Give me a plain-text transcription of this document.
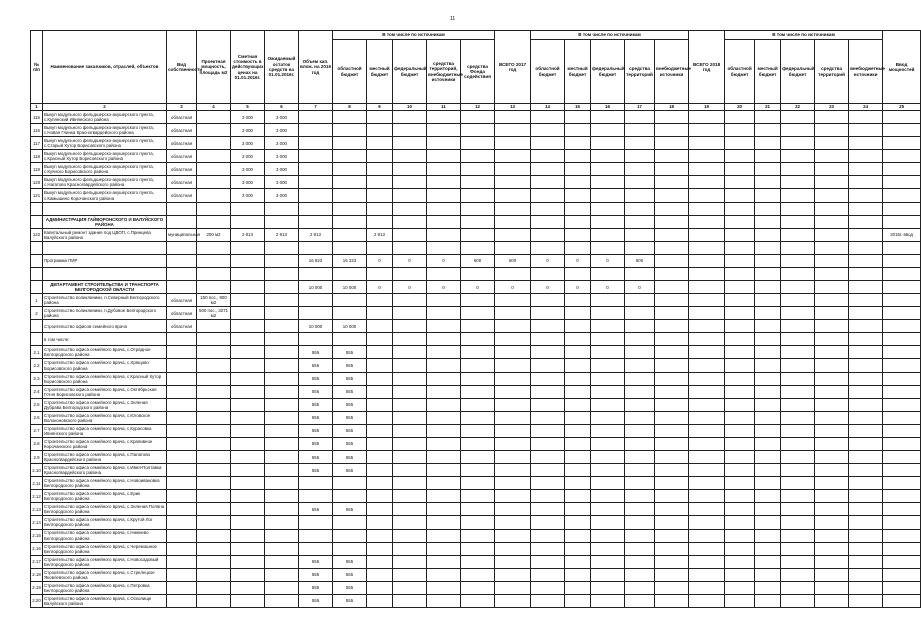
11
№ п/п	Наименование заказчиков, отраслей, объектов	Вид собственности	Проектная мощность, площадь м2	Сметная стоимость в действующих ценах на 01.01.2016г.	Ожидаемый остаток средств на 01.01.2016г.	Объем кап. влож. на 2016 год	В том числе по источникам					ВСЕГО 2017 год	В том числе по источникам					ВСЕГО 2018 год	В том числе по источникам					Ввод мощностей
							областной бюджет	местный бюджет	федеральный бюджет	средства территорий, внебюджетные источники	средства Фонда содействия		областной бюджет	местный бюджет	федеральный бюджет	средства территорий	внебюджетные источники		областной бюджет	местный бюджет	федеральный бюджет	средства территорий	внебюджетные источники	
1	2	3	4	5	6	7	8	9	10	11	12	13	14	15	16	17	18	19	20	21	22	23	24	25
115	Выкуп модульного фельдшерско-акушерского пункта, с.Купянский Ивнянского района	областная		3 000	3 000																			
116	Выкуп модульного фельдшерско-акушерского пункта, с.Новая Глинка Красногвардейского района	областная		3 000	3 000																			
117	Выкуп модульного фельдшерско-акушерского пункта, с.Старый Хутор Борисовского района	областная		3 000	3 000																			
118	Выкуп модульного фельдшерско-акушерского пункта, с.Красный Хутор Борисовского района	областная		3 000	3 000																			
119	Выкуп модульного фельдшерско-акушерского пункта, с.Куянско Борисовского района	областная		3 000	3 000																			
120	Выкуп модульного фельдшерско-акушерского пункта, с.Нагатово Красногвардейского района	областная		3 000	3 000																			
121	Выкуп модульного фельдшерско-акушерского пункта, с.Камышино Корочанского района	областная		3 000	3 000																			

	АДМИНИСТРАЦИЯ ГАЙВОРОНСКОГО И ВАЛУЙСКОГО РАЙОНА																							
122	Капитальный ремонт здания под ЦВОП, с.Принцева Валуйского района	муниципальная	200 м2	2 913	2 913	2 913		2 913																2016г. ввод

	Программа ПИР					16 923	16 323	0	0	0	600	600	0	0	0	600								

	ДЕПАРТАМЕНТ СТРОИТЕЛЬСТВА И ТРАНСПОРТА БЕЛГОРОДСКОЙ ОБЛАСТИ					10 000	10 000	0	0	0	0	0	0	0	0	0								
1	Строительство поликлиники, п.Северный Белгородского района	областная	150 пос., 800 м2																					
2	Строительство поликлиники, п.Дубовое Белгородского района	областная	500 пос., 3271 м2																					
	Строительство офисов семейного врача	областная				10 000	10 000																	
	в том числе:																							
2.1	Строительство офиса семейного врача, с.Отрадное Белгородского района					555	555																	
2.2	Строительство офиса семейного врача, с.Хрящово Борисовского района					555	555																	
2.3	Строительство офиса семейного врача, с.Красный Хутор Борисовского района					555	555																	
2.4	Строительство офиса семейного врача, с.Октябрьская Готня Борисовского района					555	555																	
2.5	Строительство офиса семейного врача, с.Зеленая Дубрава Белгородского района					555	555																	
2.6	Строительство офиса семейного врача, с.Юговское Волоконовского района					555	555																	
2.7	Строительство офиса семейного врача, с.Курасовка Ивнянского района					555	555																	
2.8	Строительство офиса семейного врача, с.Крапивное Корочанского района					555	555																	
2.9	Строительство офиса семейного врача, с.Палатово Красногвардейского района					555	555																	
2.10	Строительство офиса семейного врача, с.Ивня-Полтавка Красногвардейского района					555	555																	
2.11	Строительство офиса семейного врача, с.Новоивановка Белгородского района																							
2.12	Строительство офиса семейного врача, с.Ерик Белгородского района																							
2.13	Строительство офиса семейного врача, с.Зеленая Поляна Белгородского района					555	555																	
2.14	Строительство офиса семейного врача, с.Крутой Лог Белгородского района																							
2.15	Строительство офиса семейного врача, с.Нижнево Белгородского района																							
2.16	Строительство офиса семейного врача, с.Черемошное Белгородского района																							
2.17	Строительство офиса семейного врача, с.Новосадовый Белгородского района					555	555																	
2.18	Строительство офиса семейного врача, с.Стрелецкое Яковлевского района					555	555																	
2.19	Строительство офиса семейного врача, с.Петровка Белгородского района					555	555																	
2.20	Строительство офиса семейного врача, с.Осколище Валуйского района					555	555																	
